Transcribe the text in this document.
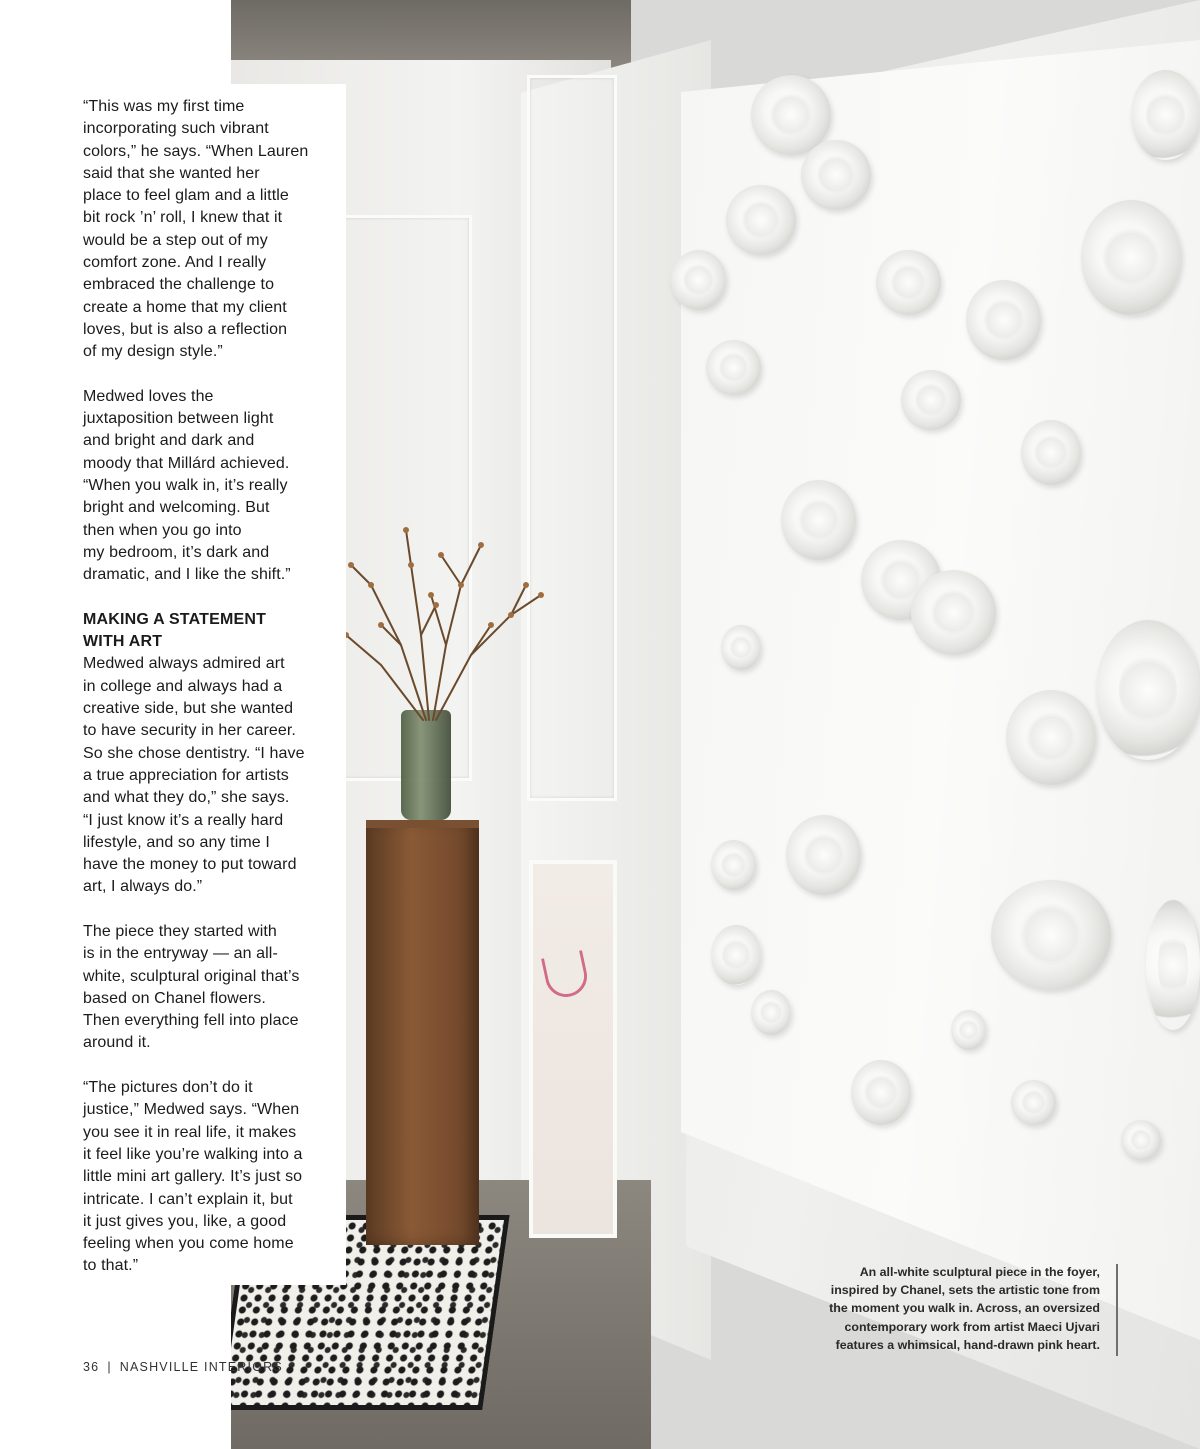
“This was my first time
incorporating such vibrant
colors,” he says. “When Lauren
said that she wanted her
place to feel glam and a little
bit rock ’n’ roll, I knew that it
would be a step out of my
comfort zone. And I really
embraced the challenge to
create a home that my client
loves, but is also a reflection
of my design style.”

Medwed loves the
juxtaposition between light
and bright and dark and
moody that Millárd achieved.
“When you walk in, it’s really
bright and welcoming. But
then when you go into
my bedroom, it’s dark and
dramatic, and I like the shift.”

MAKING A STATEMENT
WITH ART

Medwed always admired art
in college and always had a
creative side, but she wanted
to have security in her career.
So she chose dentistry. “I have
a true appreciation for artists
and what they do,” she says.
“I just know it’s a really hard
lifestyle, and so any time I
have the money to put toward
art, I always do.”

The piece they started with
is in the entryway — an all-
white, sculptural original that’s
based on Chanel flowers.
Then everything fell into place
around it.

“The pictures don’t do it
justice,” Medwed says. “When
you see it in real life, it makes
it feel like you’re walking into a
little mini art gallery. It’s just so
intricate. I can’t explain it, but
it just gives you, like, a good
feeling when you come home
to that.”	An all-white sculptural piece in the foyer,
inspired by Chanel, sets the artistic tone from
the moment you walk in. Across, an oversized
contemporary work from artist Maeci Ujvari
features a whimsical, hand-drawn pink heart.
36 | NASHVILLE INTERIORS
